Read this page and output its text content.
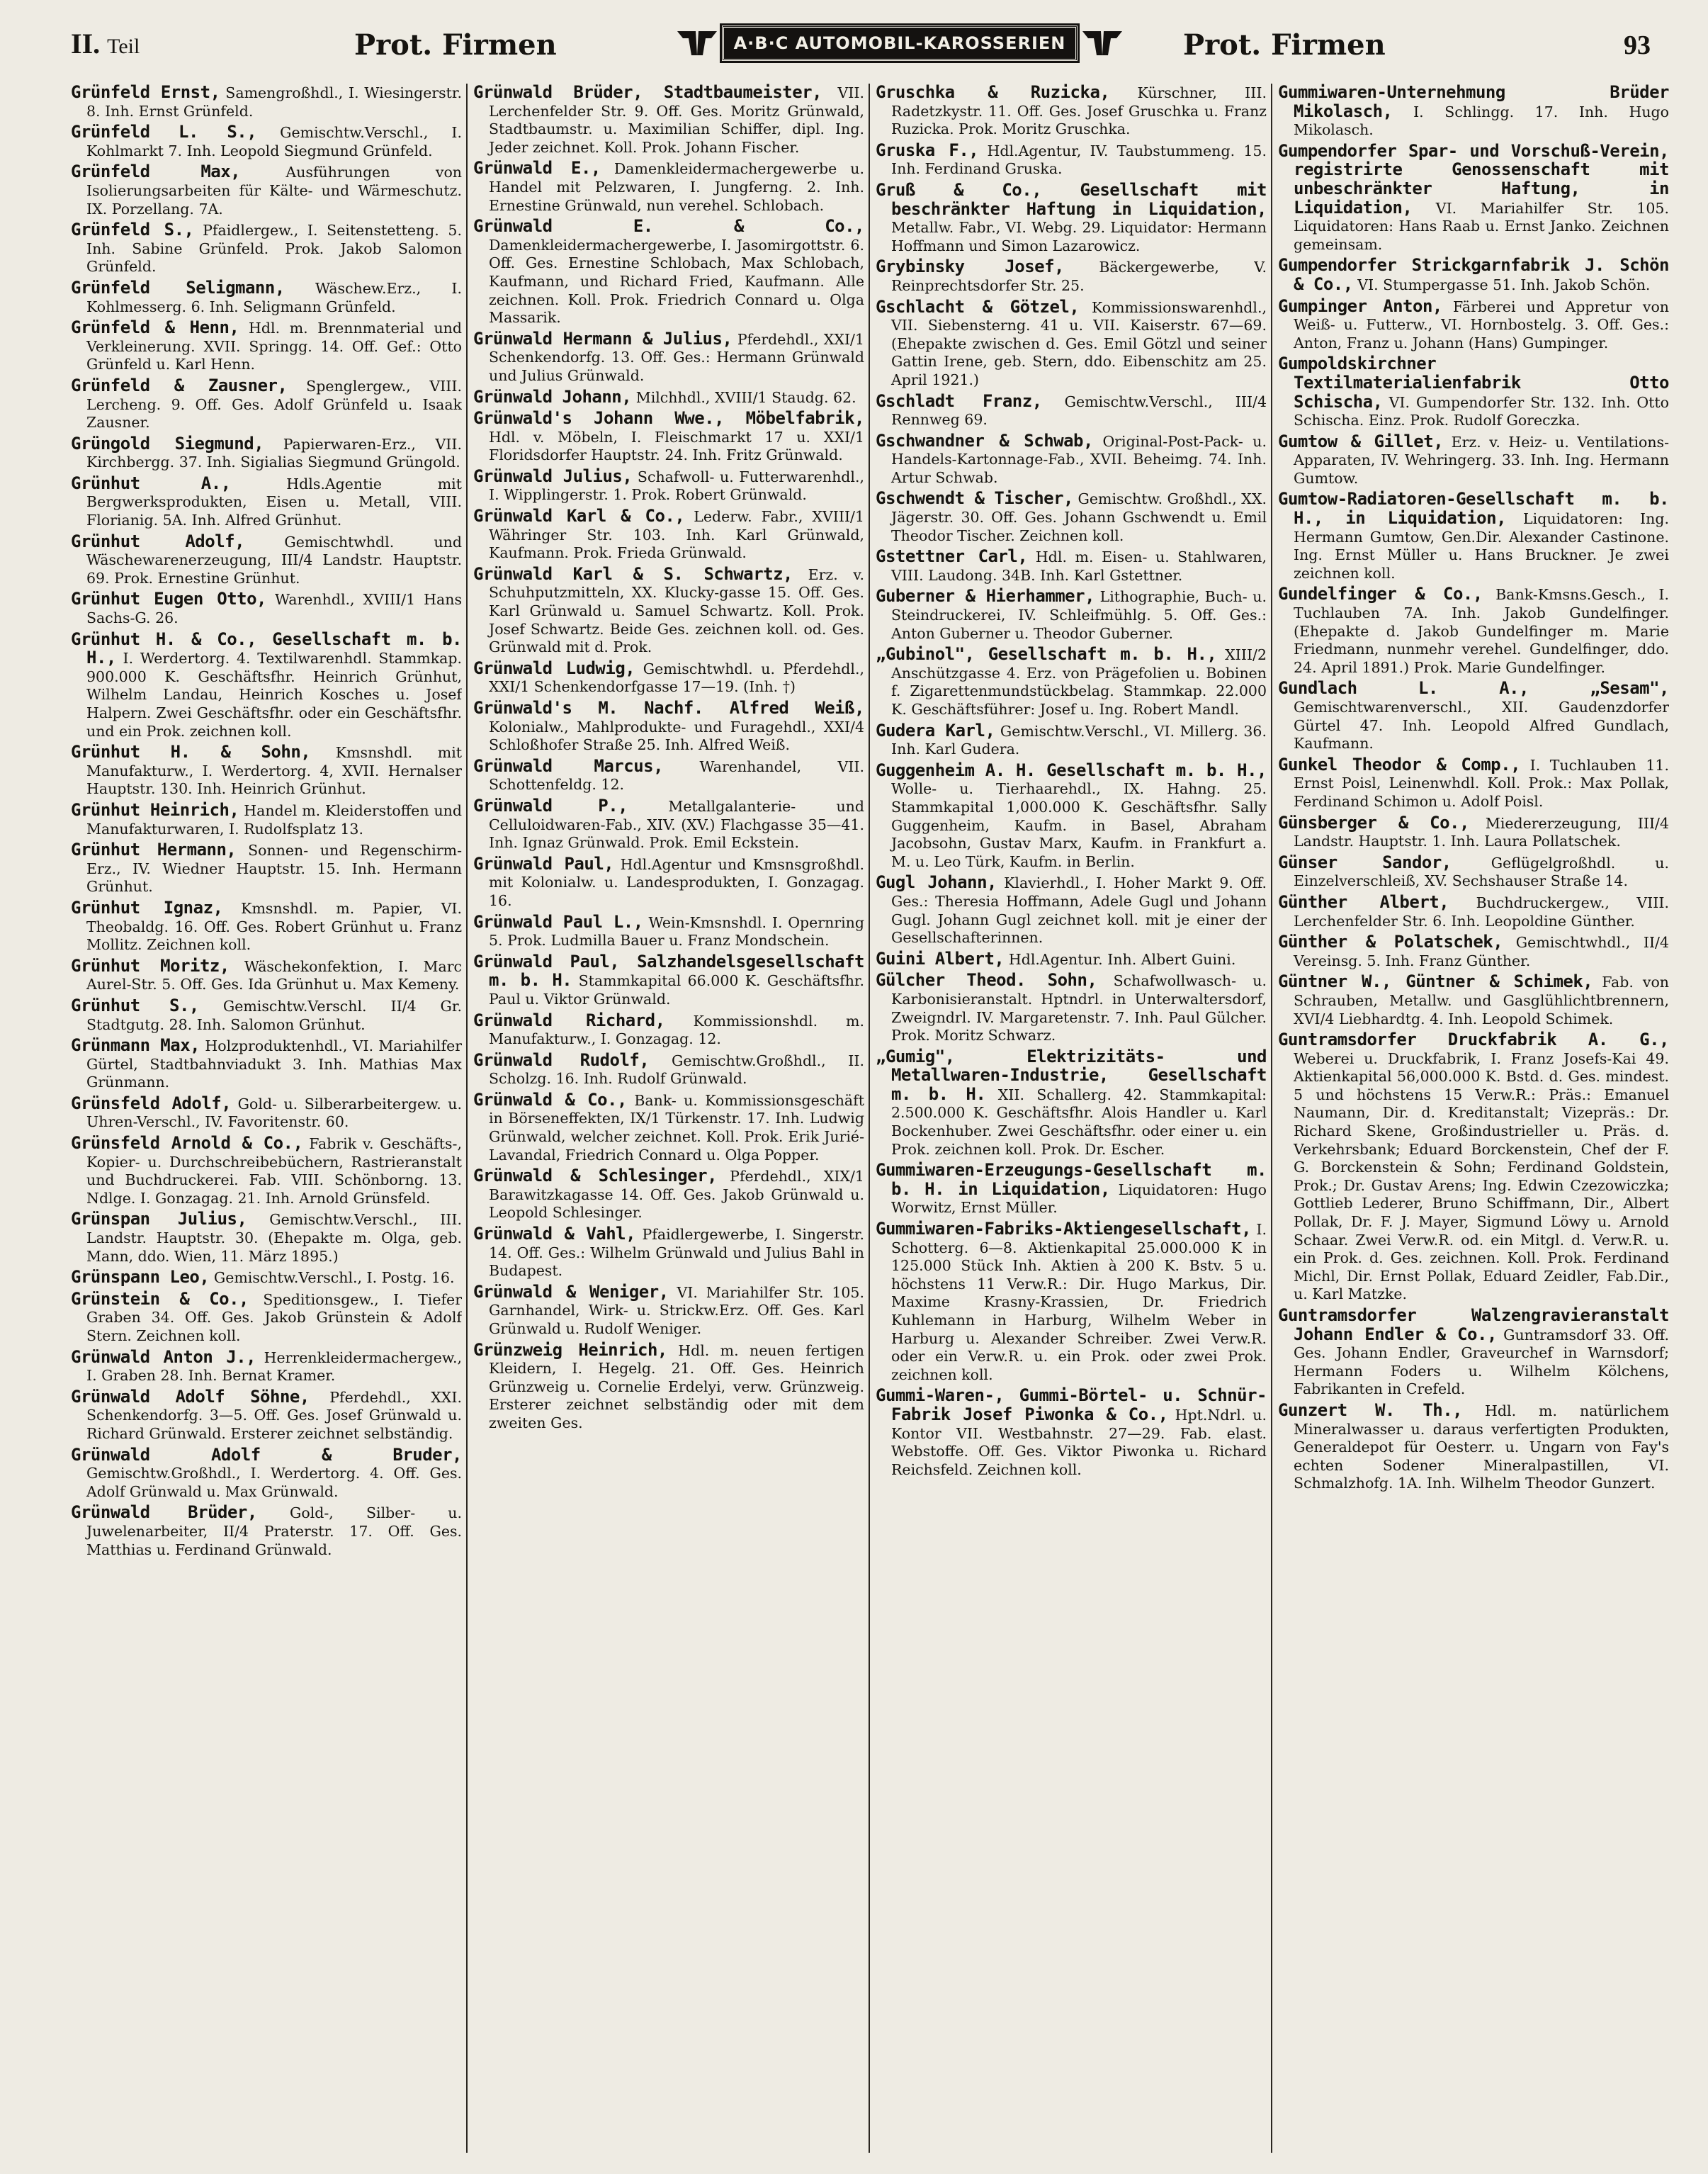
II. Teil	Prot. Firmen	A·B·C AUTOMOBIL-KAROSSERIEN	Prot. Firmen	93

Grünfeld Ernst, Samengroßhdl., I. Wiesingerstr. 8. Inh. Ernst Grünfeld.

Grünfeld L. S., Gemischtw.Verschl., I. Kohlmarkt 7. Inh. Leopold Siegmund Grünfeld.

Grünfeld Max, Ausführungen von Isolierungsarbeiten für Kälte- und Wärmeschutz. IX. Porzellang. 7A.

Grünfeld S., Pfaidlergew., I. Seitenstetteng. 5. Inh. Sabine Grünfeld. Prok. Jakob Salomon Grünfeld.

Grünfeld Seligmann, Wäschew.Erz., I. Kohlmesserg. 6. Inh. Seligmann Grünfeld.

Grünfeld & Henn, Hdl. m. Brennmaterial und Verkleinerung. XVII. Springg. 14. Off. Gef.: Otto Grünfeld u. Karl Henn.

Grünfeld & Zausner, Spenglergew., VIII. Lercheng. 9. Off. Ges. Adolf Grünfeld u. Isaak Zausner.

Grüngold Siegmund, Papierwaren-Erz., VII. Kirchbergg. 37. Inh. Sigialias Siegmund Grüngold.

Grünhut A., Hdls.Agentie mit Bergwerksprodukten, Eisen u. Metall, VIII. Florianig. 5A. Inh. Alfred Grünhut.

Grünhut Adolf, Gemischtwhdl. und Wäschewarenerzeugung, III/4 Landstr. Hauptstr. 69. Prok. Ernestine Grünhut.

Grünhut Eugen Otto, Warenhdl., XVIII/1 Hans Sachs-G. 26.

Grünhut H. & Co., Gesellschaft m. b. H., I. Werdertorg. 4. Textilwarenhdl. Stammkap. 900.000 K. Geschäftsfhr. Heinrich Grünhut, Wilhelm Landau, Heinrich Kosches u. Josef Halpern. Zwei Geschäftsfhr. oder ein Geschäftsfhr. und ein Prok. zeichnen koll.

Grünhut H. & Sohn, Kmsnshdl. mit Manufakturw., I. Werdertorg. 4, XVII. Hernalser Hauptstr. 130. Inh. Heinrich Grünhut.

Grünhut Heinrich, Handel m. Kleiderstoffen und Manufakturwaren, I. Rudolfsplatz 13.

Grünhut Hermann, Sonnen- und Regenschirm-Erz., IV. Wiedner Hauptstr. 15. Inh. Hermann Grünhut.

Grünhut Ignaz, Kmsnshdl. m. Papier, VI. Theobaldg. 16. Off. Ges. Robert Grünhut u. Franz Mollitz. Zeichnen koll.

Grünhut Moritz, Wäschekonfektion, I. Marc Aurel-Str. 5. Off. Ges. Ida Grünhut u. Max Kemeny.

Grünhut S., Gemischtw.Verschl. II/4 Gr. Stadtgutg. 28. Inh. Salomon Grünhut.

Grünmann Max, Holzproduktenhdl., VI. Mariahilfer Gürtel, Stadtbahnviadukt 3. Inh. Mathias Max Grünmann.

Grünsfeld Adolf, Gold- u. Silberarbeitergew. u. Uhren-Verschl., IV. Favoritenstr. 60.

Grünsfeld Arnold & Co., Fabrik v. Geschäfts-, Kopier- u. Durchschreibebüchern, Rastrieranstalt und Buchdruckerei. Fab. VIII. Schönborng. 13. Ndlge. I. Gonzagag. 21. Inh. Arnold Grünsfeld.

Grünspan Julius, Gemischtw.Verschl., III. Landstr. Hauptstr. 30. (Ehepakte m. Olga, geb. Mann, ddo. Wien, 11. März 1895.)

Grünspann Leo, Gemischtw.Verschl., I. Postg. 16.

Grünstein & Co., Speditionsgew., I. Tiefer Graben 34. Off. Ges. Jakob Grünstein & Adolf Stern. Zeichnen koll.

Grünwald Anton J., Herrenkleidermachergew., I. Graben 28. Inh. Bernat Kramer.

Grünwald Adolf Söhne, Pferdehdl., XXI. Schenkendorfg. 3—5. Off. Ges. Josef Grünwald u. Richard Grünwald. Ersterer zeichnet selbständig.

Grünwald Adolf & Bruder, Gemischtw.Großhdl., I. Werdertorg. 4. Off. Ges. Adolf Grünwald u. Max Grünwald.

Grünwald Brüder, Gold-, Silber- u. Juwelenarbeiter, II/4 Praterstr. 17. Off. Ges. Matthias u. Ferdinand Grünwald.

Grünwald Brüder, Stadtbaumeister, VII. Lerchenfelder Str. 9. Off. Ges. Moritz Grünwald, Stadtbaumstr. u. Maximilian Schiffer, dipl. Ing. Jeder zeichnet. Koll. Prok. Johann Fischer.

Grünwald E., Damenkleidermachergewerbe u. Handel mit Pelzwaren, I. Jungferng. 2. Inh. Ernestine Grünwald, nun verehel. Schlobach.

Grünwald E. & Co., Damenkleidermachergewerbe, I. Jasomirgottstr. 6. Off. Ges. Ernestine Schlobach, Max Schlobach, Kaufmann, und Richard Fried, Kaufmann. Alle zeichnen. Koll. Prok. Friedrich Connard u. Olga Massarik.

Grünwald Hermann & Julius, Pferdehdl., XXI/1 Schenkendorfg. 13. Off. Ges.: Hermann Grünwald und Julius Grünwald.

Grünwald Johann, Milchhdl., XVIII/1 Staudg. 62.

Grünwald's Johann Wwe., Möbelfabrik, Hdl. v. Möbeln, I. Fleischmarkt 17 u. XXI/1 Floridsdorfer Hauptstr. 24. Inh. Fritz Grünwald.

Grünwald Julius, Schafwoll- u. Futterwarenhdl., I. Wipplingerstr. 1. Prok. Robert Grünwald.

Grünwald Karl & Co., Lederw. Fabr., XVIII/1 Währinger Str. 103. Inh. Karl Grünwald, Kaufmann. Prok. Frieda Grünwald.

Grünwald Karl & S. Schwartz, Erz. v. Schuhputzmitteln, XX. Klucky-gasse 15. Off. Ges. Karl Grünwald u. Samuel Schwartz. Koll. Prok. Josef Schwartz. Beide Ges. zeichnen koll. od. Ges. Grünwald mit d. Prok.

Grünwald Ludwig, Gemischtwhdl. u. Pferdehdl., XXI/1 Schenkendorfgasse 17—19. (Inh. †)

Grünwald's M. Nachf. Alfred Weiß, Kolonialw., Mahlprodukte- und Furagehdl., XXI/4 Schloßhofer Straße 25. Inh. Alfred Weiß.

Grünwald Marcus, Warenhandel, VII. Schottenfeldg. 12.

Grünwald P., Metallgalanterie- und Celluloidwaren-Fab., XIV. (XV.) Flachgasse 35—41. Inh. Ignaz Grünwald. Prok. Emil Eckstein.

Grünwald Paul, Hdl.Agentur und Kmsnsgroßhdl. mit Kolonialw. u. Landesprodukten, I. Gonzagag. 16.

Grünwald Paul L., Wein-Kmsnshdl. I. Opernring 5. Prok. Ludmilla Bauer u. Franz Mondschein.

Grünwald Paul, Salzhandelsgesellschaft m. b. H. Stammkapital 66.000 K. Geschäftsfhr. Paul u. Viktor Grünwald.

Grünwald Richard, Kommissionshdl. m. Manufakturw., I. Gonzagag. 12.

Grünwald Rudolf, Gemischtw.Großhdl., II. Scholzg. 16. Inh. Rudolf Grünwald.

Grünwald & Co., Bank- u. Kommissionsgeschäft in Börseneffekten, IX/1 Türkenstr. 17. Inh. Ludwig Grünwald, welcher zeichnet. Koll. Prok. Erik Jurié-Lavandal, Friedrich Connard u. Olga Popper.

Grünwald & Schlesinger, Pferdehdl., XIX/1 Barawitzkagasse 14. Off. Ges. Jakob Grünwald u. Leopold Schlesinger.

Grünwald & Vahl, Pfaidlergewerbe, I. Singerstr. 14. Off. Ges.: Wilhelm Grünwald und Julius Bahl in Budapest.

Grünwald & Weniger, VI. Mariahilfer Str. 105. Garnhandel, Wirk- u. Strickw.Erz. Off. Ges. Karl Grünwald u. Rudolf Weniger.

Grünzweig Heinrich, Hdl. m. neuen fertigen Kleidern, I. Hegelg. 21. Off. Ges. Heinrich Grünzweig u. Cornelie Erdelyi, verw. Grünzweig. Ersterer zeichnet selbständig oder mit dem zweiten Ges.

Gruschka & Ruzicka, Kürschner, III. Radetzkystr. 11. Off. Ges. Josef Gruschka u. Franz Ruzicka. Prok. Moritz Gruschka.

Gruska F., Hdl.Agentur, IV. Taubstummeng. 15. Inh. Ferdinand Gruska.

Gruß & Co., Gesellschaft mit beschränkter Haftung in Liquidation, Metallw. Fabr., VI. Webg. 29. Liquidator: Hermann Hoffmann und Simon Lazarowicz.

Grybinsky Josef, Bäckergewerbe, V. Reinprechtsdorfer Str. 25.

Gschlacht & Götzel, Kommissionswarenhdl., VII. Siebensterng. 41 u. VII. Kaiserstr. 67—69. (Ehepakte zwischen d. Ges. Emil Götzl und seiner Gattin Irene, geb. Stern, ddo. Eibenschitz am 25. April 1921.)

Gschladt Franz, Gemischtw.Verschl., III/4 Rennweg 69.

Gschwandner & Schwab, Original-Post-Pack- u. Handels-Kartonnage-Fab., XVII. Beheimg. 74. Inh. Artur Schwab.

Gschwendt & Tischer, Gemischtw. Großhdl., XX. Jägerstr. 30. Off. Ges. Johann Gschwendt u. Emil Theodor Tischer. Zeichnen koll.

Gstettner Carl, Hdl. m. Eisen- u. Stahlwaren, VIII. Laudong. 34B. Inh. Karl Gstettner.

Guberner & Hierhammer, Lithographie, Buch- u. Steindruckerei, IV. Schleifmühlg. 5. Off. Ges.: Anton Guberner u. Theodor Guberner.

„Gubinol", Gesellschaft m. b. H., XIII/2 Anschützgasse 4. Erz. von Prägefolien u. Bobinen f. Zigarettenmundstückbelag. Stammkap. 22.000 K. Geschäftsführer: Josef u. Ing. Robert Mandl.

Gudera Karl, Gemischtw.Verschl., VI. Millerg. 36. Inh. Karl Gudera.

Guggenheim A. H. Gesellschaft m. b. H., Wolle- u. Tierhaarehdl., IX. Hahng. 25. Stammkapital 1,000.000 K. Geschäftsfhr. Sally Guggenheim, Kaufm. in Basel, Abraham Jacobsohn, Gustav Marx, Kaufm. in Frankfurt a. M. u. Leo Türk, Kaufm. in Berlin.

Gugl Johann, Klavierhdl., I. Hoher Markt 9. Off. Ges.: Theresia Hoffmann, Adele Gugl und Johann Gugl. Johann Gugl zeichnet koll. mit je einer der Gesellschafterinnen.

Guini Albert, Hdl.Agentur. Inh. Albert Guini.

Gülcher Theod. Sohn, Schafwollwasch- u. Karbonisieranstalt. Hptndrl. in Unterwaltersdorf, Zweigndrl. IV. Margaretenstr. 7. Inh. Paul Gülcher. Prok. Moritz Schwarz.

„Gumig", Elektrizitäts- und Metallwaren-Industrie, Gesellschaft m. b. H. XII. Schallerg. 42. Stammkapital: 2.500.000 K. Geschäftsfhr. Alois Handler u. Karl Bockenhuber. Zwei Geschäftsfhr. oder einer u. ein Prok. zeichnen koll. Prok. Dr. Escher.

Gummiwaren-Erzeugungs-Gesellschaft m. b. H. in Liquidation, Liquidatoren: Hugo Worwitz, Ernst Müller.

Gummiwaren-Fabriks-Aktiengesellschaft, I. Schotterg. 6—8. Aktienkapital 25.000.000 K in 125.000 Stück Inh. Aktien à 200 K. Bstv. 5 u. höchstens 11 Verw.R.: Dir. Hugo Markus, Dir. Maxime Krasny-Krassien, Dr. Friedrich Kuhlemann in Harburg, Wilhelm Weber in Harburg u. Alexander Schreiber. Zwei Verw.R. oder ein Verw.R. u. ein Prok. oder zwei Prok. zeichnen koll.

Gummi-Waren-, Gummi-Börtel- u. Schnür-Fabrik Josef Piwonka & Co., Hpt.Ndrl. u. Kontor VII. Westbahnstr. 27—29. Fab. elast. Webstoffe. Off. Ges. Viktor Piwonka u. Richard Reichsfeld. Zeichnen koll.

Gummiwaren-Unternehmung Brüder Mikolasch, I. Schlingg. 17. Inh. Hugo Mikolasch.

Gumpendorfer Spar- und Vorschuß-Verein, registrirte Genossenschaft mit unbeschränkter Haftung, in Liquidation, VI. Mariahilfer Str. 105. Liquidatoren: Hans Raab u. Ernst Janko. Zeichnen gemeinsam.

Gumpendorfer Strickgarnfabrik J. Schön & Co., VI. Stumpergasse 51. Inh. Jakob Schön.

Gumpinger Anton, Färberei und Appretur von Weiß- u. Futterw., VI. Hornbostelg. 3. Off. Ges.: Anton, Franz u. Johann (Hans) Gumpinger.

Gumpoldskirchner Textilmaterialienfabrik Otto Schischa, VI. Gumpendorfer Str. 132. Inh. Otto Schischa. Einz. Prok. Rudolf Goreczka.

Gumtow & Gillet, Erz. v. Heiz- u. Ventilations-Apparaten, IV. Wehringerg. 33. Inh. Ing. Hermann Gumtow.

Gumtow-Radiatoren-Gesellschaft m. b. H., in Liquidation, Liquidatoren: Ing. Hermann Gumtow, Gen.Dir. Alexander Castinone. Ing. Ernst Müller u. Hans Bruckner. Je zwei zeichnen koll.

Gundelfinger & Co., Bank-Kmsns.Gesch., I. Tuchlauben 7A. Inh. Jakob Gundelfinger. (Ehepakte d. Jakob Gundelfinger m. Marie Friedmann, nunmehr verehel. Gundelfinger, ddo. 24. April 1891.) Prok. Marie Gundelfinger.

Gundlach L. A., „Sesam", Gemischtwarenverschl., XII. Gaudenzdorfer Gürtel 47. Inh. Leopold Alfred Gundlach, Kaufmann.

Gunkel Theodor & Comp., I. Tuchlauben 11. Ernst Poisl, Leinenwhdl. Koll. Prok.: Max Pollak, Ferdinand Schimon u. Adolf Poisl.

Günsberger & Co., Miedererzeugung, III/4 Landstr. Hauptstr. 1. Inh. Laura Pollatschek.

Günser Sandor, Geflügelgroßhdl. u. Einzelverschleiß, XV. Sechshauser Straße 14.

Günther Albert, Buchdruckergew., VIII. Lerchenfelder Str. 6. Inh. Leopoldine Günther.

Günther & Polatschek, Gemischtwhdl., II/4 Vereinsg. 5. Inh. Franz Günther.

Güntner W., Güntner & Schimek, Fab. von Schrauben, Metallw. und Gasglühlichtbrennern, XVI/4 Liebhardtg. 4. Inh. Leopold Schimek.

Guntramsdorfer Druckfabrik A. G., Weberei u. Druckfabrik, I. Franz Josefs-Kai 49. Aktienkapital 56,000.000 K. Bstd. d. Ges. mindest. 5 und höchstens 15 Verw.R.: Präs.: Emanuel Naumann, Dir. d. Kreditanstalt; Vizepräs.: Dr. Richard Skene, Großindustrieller u. Präs. d. Verkehrsbank; Eduard Borckenstein, Chef der F. G. Borckenstein & Sohn; Ferdinand Goldstein, Prok.; Dr. Gustav Arens; Ing. Edwin Czezowiczka; Gottlieb Lederer, Bruno Schiffmann, Dir., Albert Pollak, Dr. F. J. Mayer, Sigmund Löwy u. Arnold Schaar. Zwei Verw.R. od. ein Mitgl. d. Verw.R. u. ein Prok. d. Ges. zeichnen. Koll. Prok. Ferdinand Michl, Dir. Ernst Pollak, Eduard Zeidler, Fab.Dir., u. Karl Matzke.

Guntramsdorfer Walzengravieranstalt Johann Endler & Co., Guntramsdorf 33. Off. Ges. Johann Endler, Graveurchef in Warnsdorf; Hermann Foders u. Wilhelm Kölchens, Fabrikanten in Crefeld.

Gunzert W. Th., Hdl. m. natürlichem Mineralwasser u. daraus verfertigten Produkten, Generaldepot für Oesterr. u. Ungarn von Fay's echten Sodener Mineralpastillen, VI. Schmalzhofg. 1A. Inh. Wilhelm Theodor Gunzert.
